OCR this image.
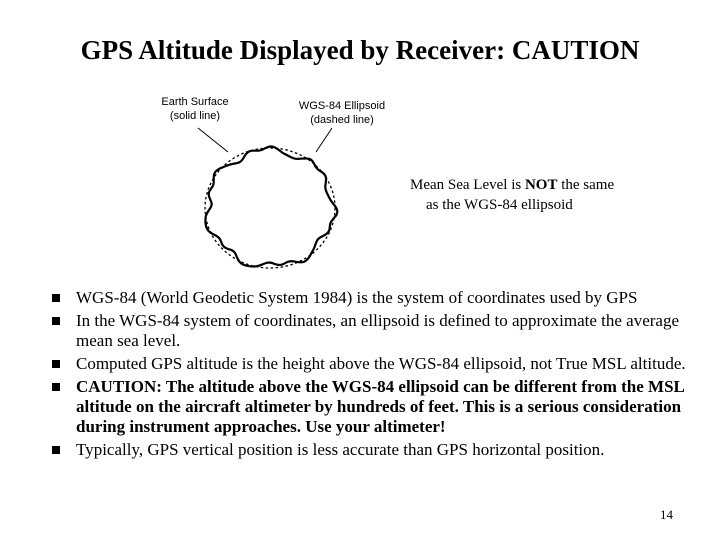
GPS Altitude Displayed by Receiver: CAUTION
Earth Surface
(solid line)
WGS-84 Ellipsoid
(dashed line)
Mean Sea Level is NOT the same
as the WGS-84 ellipsoid
WGS-84 (World Geodetic System 1984) is the system of coordinates used by GPS
In the WGS-84 system of coordinates, an ellipsoid is defined to approximate the average mean sea level.
Computed GPS altitude is the height above the WGS-84 ellipsoid, not True MSL altitude.
CAUTION: The altitude above the WGS-84 ellipsoid can be different from the MSL altitude on the aircraft altimeter by hundreds of feet. This is a serious consideration during instrument approaches. Use your altimeter!
Typically, GPS vertical position is less accurate than GPS horizontal position.
14
